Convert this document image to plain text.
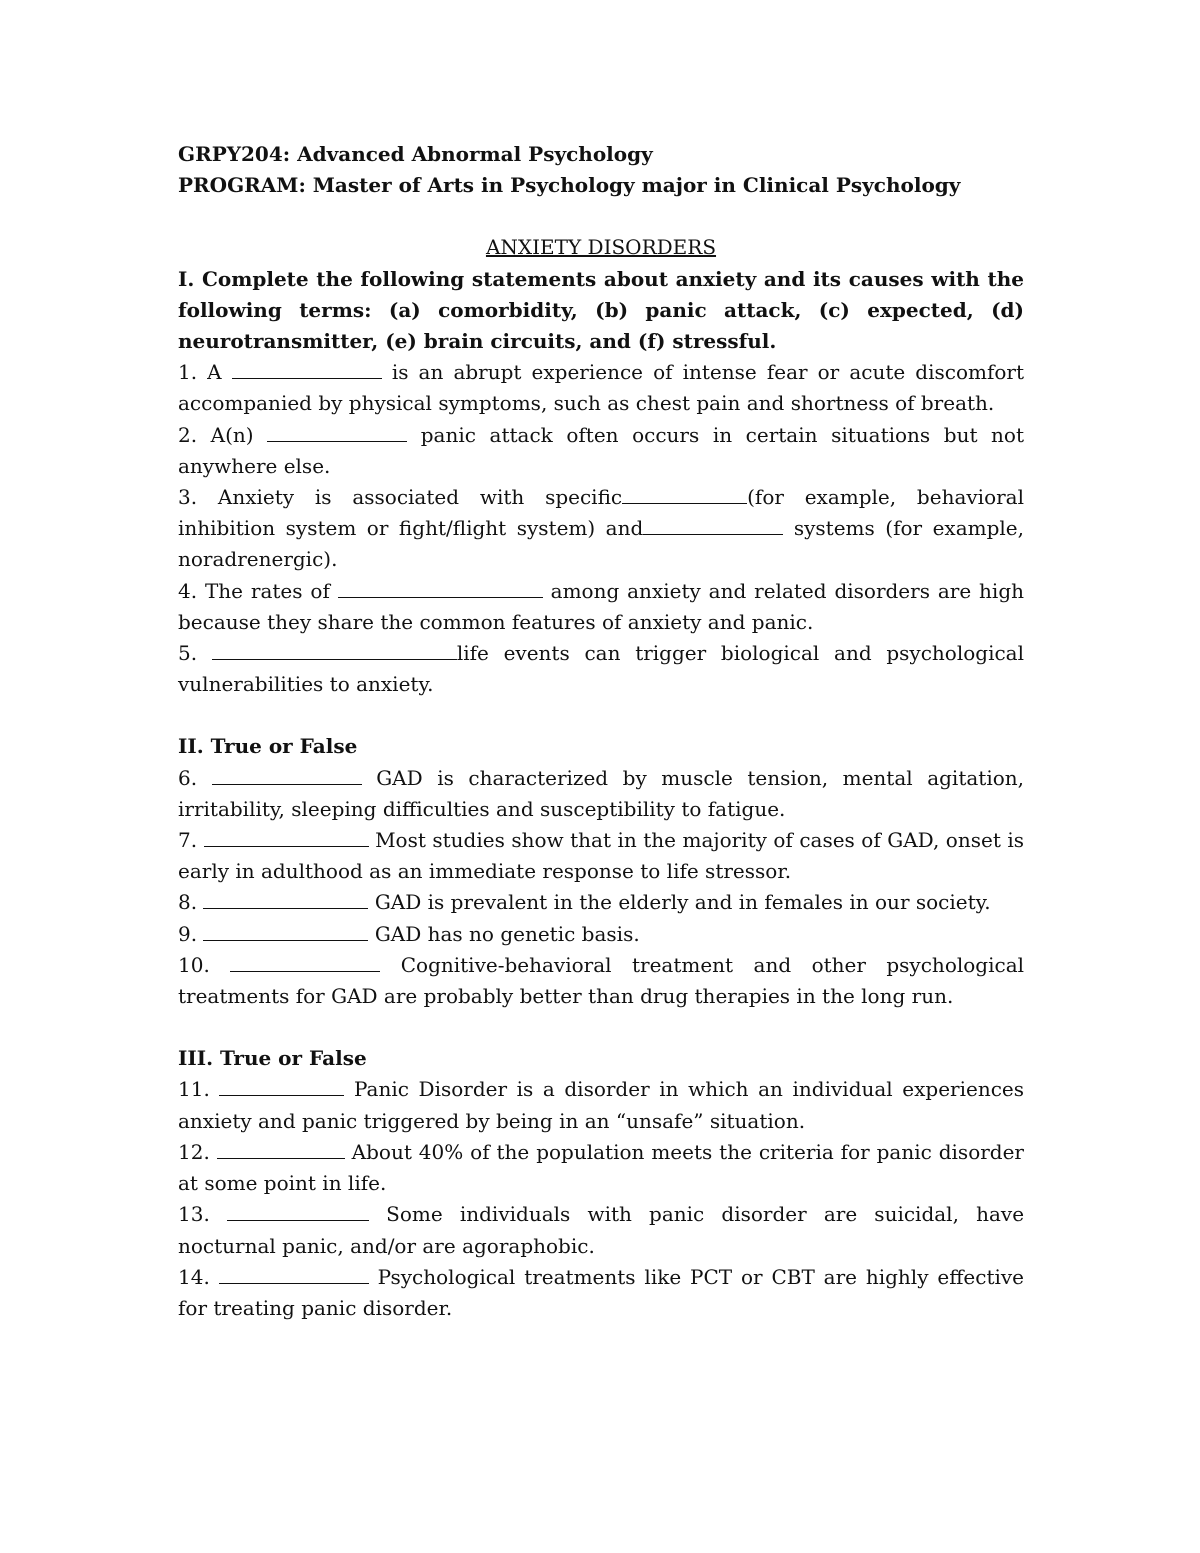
GRPY204: Advanced Abnormal Psychology

PROGRAM: Master of Arts in Psychology major in Clinical Psychology

ANXIETY DISORDERS

I. Complete the following statements about anxiety and its causes with the following terms: (a) comorbidity, (b) panic attack, (c) expected, (d) neurotransmitter, (e) brain circuits, and (f) stressful.

1. A	is an abrupt experience of intense fear or acute discomfort accompanied by physical symptoms, such as chest pain and shortness of breath.

2. A(n)	panic attack often occurs in certain situations but not anywhere else.

3. Anxiety is associated with specific	(for example, behavioral inhibition system or fight/flight system) and	systems (for example, noradrenergic).

4. The rates of	among anxiety and related disorders are high because they share the common features of anxiety and panic.

5.	life events can trigger biological and psychological vulnerabilities to anxiety.

II. True or False

6.	GAD is characterized by muscle tension, mental agitation, irritability, sleeping difficulties and susceptibility to fatigue.

7.	Most studies show that in the majority of cases of GAD, onset is early in adulthood as an immediate response to life stressor.

8.	GAD is prevalent in the elderly and in females in our society.

9.	GAD has no genetic basis.

10.	Cognitive-behavioral treatment and other psychological treatments for GAD are probably better than drug therapies in the long run.

III. True or False

11.	Panic Disorder is a disorder in which an individual experiences anxiety and panic triggered by being in an “unsafe” situation.

12.	About 40% of the population meets the criteria for panic disorder at some point in life.

13.	Some individuals with panic disorder are suicidal, have nocturnal panic, and/or are agoraphobic.

14.	Psychological treatments like PCT or CBT are highly effective for treating panic disorder.
